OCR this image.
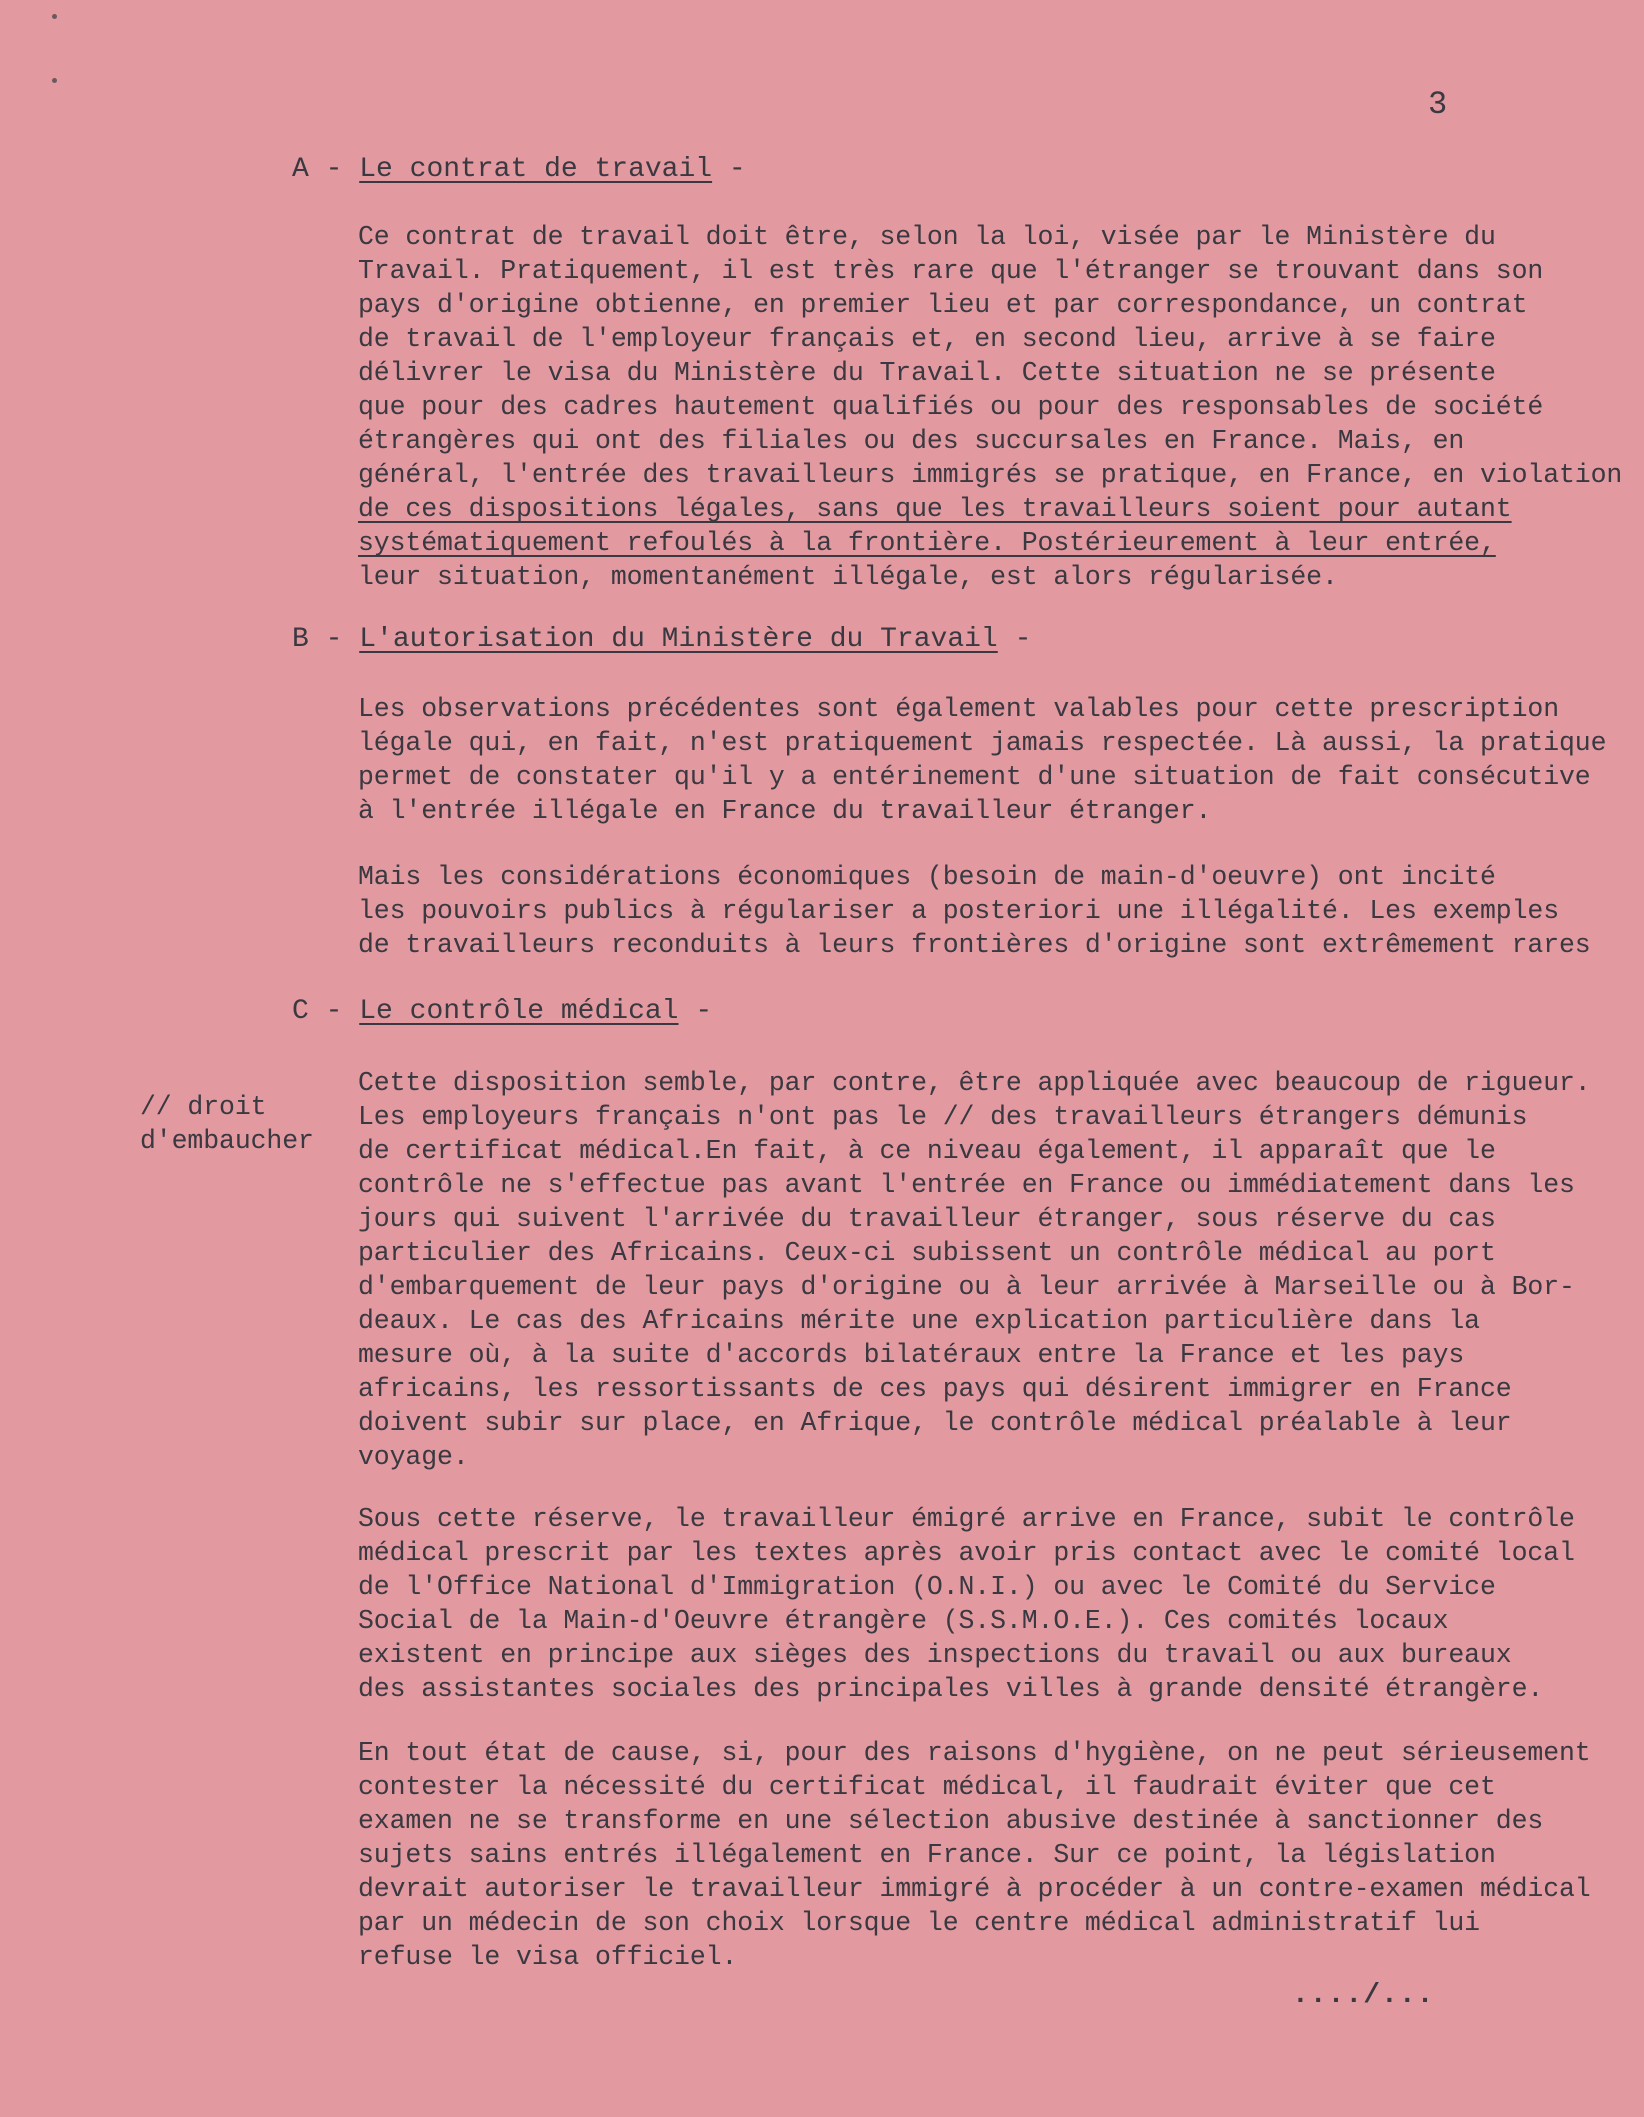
3
A - Le contrat de travail -
Ce contrat de travail doit être, selon la loi, visée par le Ministère du
Travail. Pratiquement, il est très rare que l'étranger se trouvant dans son
pays d'origine obtienne, en premier lieu et par correspondance, un contrat
de travail de l'employeur français et, en second lieu, arrive à se faire
délivrer le visa du Ministère du Travail. Cette situation ne se présente
que pour des cadres hautement qualifiés ou pour des responsables de société
étrangères qui ont des filiales ou des succursales en France. Mais, en
général, l'entrée des travailleurs immigrés se pratique, en France, en violation
de ces dispositions légales, sans que les travailleurs soient pour autant
systématiquement refoulés à la frontière. Postérieurement à leur entrée,
leur situation, momentanément illégale, est alors régularisée.
B - L'autorisation du Ministère du Travail -
Les observations précédentes sont également valables pour cette prescription
légale qui, en fait, n'est pratiquement jamais respectée. Là aussi, la pratique
permet de constater qu'il y a entérinement d'une situation de fait consécutive
à l'entrée illégale en France du travailleur étranger.
Mais les considérations économiques (besoin de main-d'oeuvre) ont incité
les pouvoirs publics à régulariser a posteriori une illégalité. Les exemples
de travailleurs reconduits à leurs frontières d'origine sont extrêmement rares
C - Le contrôle médical -
// droit
d'embaucher
Cette disposition semble, par contre, être appliquée avec beaucoup de rigueur.
Les employeurs français n'ont pas le // des travailleurs étrangers démunis
de certificat médical.En fait, à ce niveau également, il apparaît que le
contrôle ne s'effectue pas avant l'entrée en France ou immédiatement dans les
jours qui suivent l'arrivée du travailleur étranger, sous réserve du cas
particulier des Africains. Ceux-ci subissent un contrôle médical au port
d'embarquement de leur pays d'origine ou à leur arrivée à Marseille ou à Bor-
deaux. Le cas des Africains mérite une explication particulière dans la
mesure où, à la suite d'accords bilatéraux entre la France et les pays
africains, les ressortissants de ces pays qui désirent immigrer en France
doivent subir sur place, en Afrique, le contrôle médical préalable à leur
voyage.
Sous cette réserve, le travailleur émigré arrive en France, subit le contrôle
médical prescrit par les textes après avoir pris contact avec le comité local
de l'Office National d'Immigration (O.N.I.) ou avec le Comité du Service
Social de la Main-d'Oeuvre étrangère (S.S.M.O.E.). Ces comités locaux
existent en principe aux sièges des inspections du travail ou aux bureaux
des assistantes sociales des principales villes à grande densité étrangère.
En tout état de cause, si, pour des raisons d'hygiène, on ne peut sérieusement
contester la nécessité du certificat médical, il faudrait éviter que cet
examen ne se transforme en une sélection abusive destinée à sanctionner des
sujets sains entrés illégalement en France. Sur ce point, la législation
devrait autoriser le travailleur immigré à procéder à un contre-examen médical
par un médecin de son choix lorsque le centre médical administratif lui
refuse le visa officiel.
..../...
